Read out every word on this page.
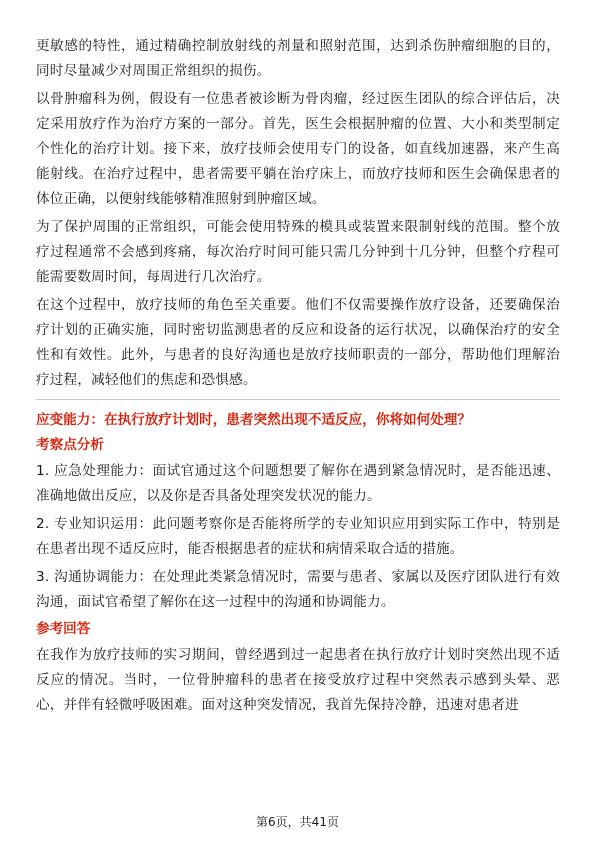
更敏感的特性，通过精确控制放射线的剂量和照射范围，达到杀伤肿瘤细胞的目的，同时尽量减少对周围正常组织的损伤。

以骨肿瘤科为例，假设有一位患者被诊断为骨肉瘤，经过医生团队的综合评估后，决定采用放疗作为治疗方案的一部分。首先，医生会根据肿瘤的位置、大小和类型制定个性化的治疗计划。接下来，放疗技师会使用专门的设备，如直线加速器，来产生高能射线。在治疗过程中，患者需要平躺在治疗床上，而放疗技师和医生会确保患者的体位正确，以便射线能够精准照射到肿瘤区域。

为了保护周围的正常组织，可能会使用特殊的模具或装置来限制射线的范围。整个放疗过程通常不会感到疼痛，每次治疗时间可能只需几分钟到十几分钟，但整个疗程可能需要数周时间，每周进行几次治疗。

在这个过程中，放疗技师的角色至关重要。他们不仅需要操作放疗设备，还要确保治疗计划的正确实施，同时密切监测患者的反应和设备的运行状况，以确保治疗的安全性和有效性。此外，与患者的良好沟通也是放疗技师职责的一部分，帮助他们理解治疗过程，减轻他们的焦虑和恐惧感。

应变能力：在执行放疗计划时，患者突然出现不适反应，你将如何处理？
考察点分析

1. 应急处理能力：面试官通过这个问题想要了解你在遇到紧急情况时，是否能迅速、准确地做出反应，以及你是否具备处理突发状况的能力。

2. 专业知识运用：此问题考察你是否能将所学的专业知识应用到实际工作中，特别是在患者出现不适反应时，能否根据患者的症状和病情采取合适的措施。

3. 沟通协调能力：在处理此类紧急情况时，需要与患者、家属以及医疗团队进行有效沟通，面试官希望了解你在这一过程中的沟通和协调能力。

参考回答

在我作为放疗技师的实习期间，曾经遇到过一起患者在执行放疗计划时突然出现不适反应的情况。当时，一位骨肿瘤科的患者在接受放疗过程中突然表示感到头晕、恶心，并伴有轻微呼吸困难。面对这种突发情况，我首先保持冷静，迅速对患者进

第6页，共41页
